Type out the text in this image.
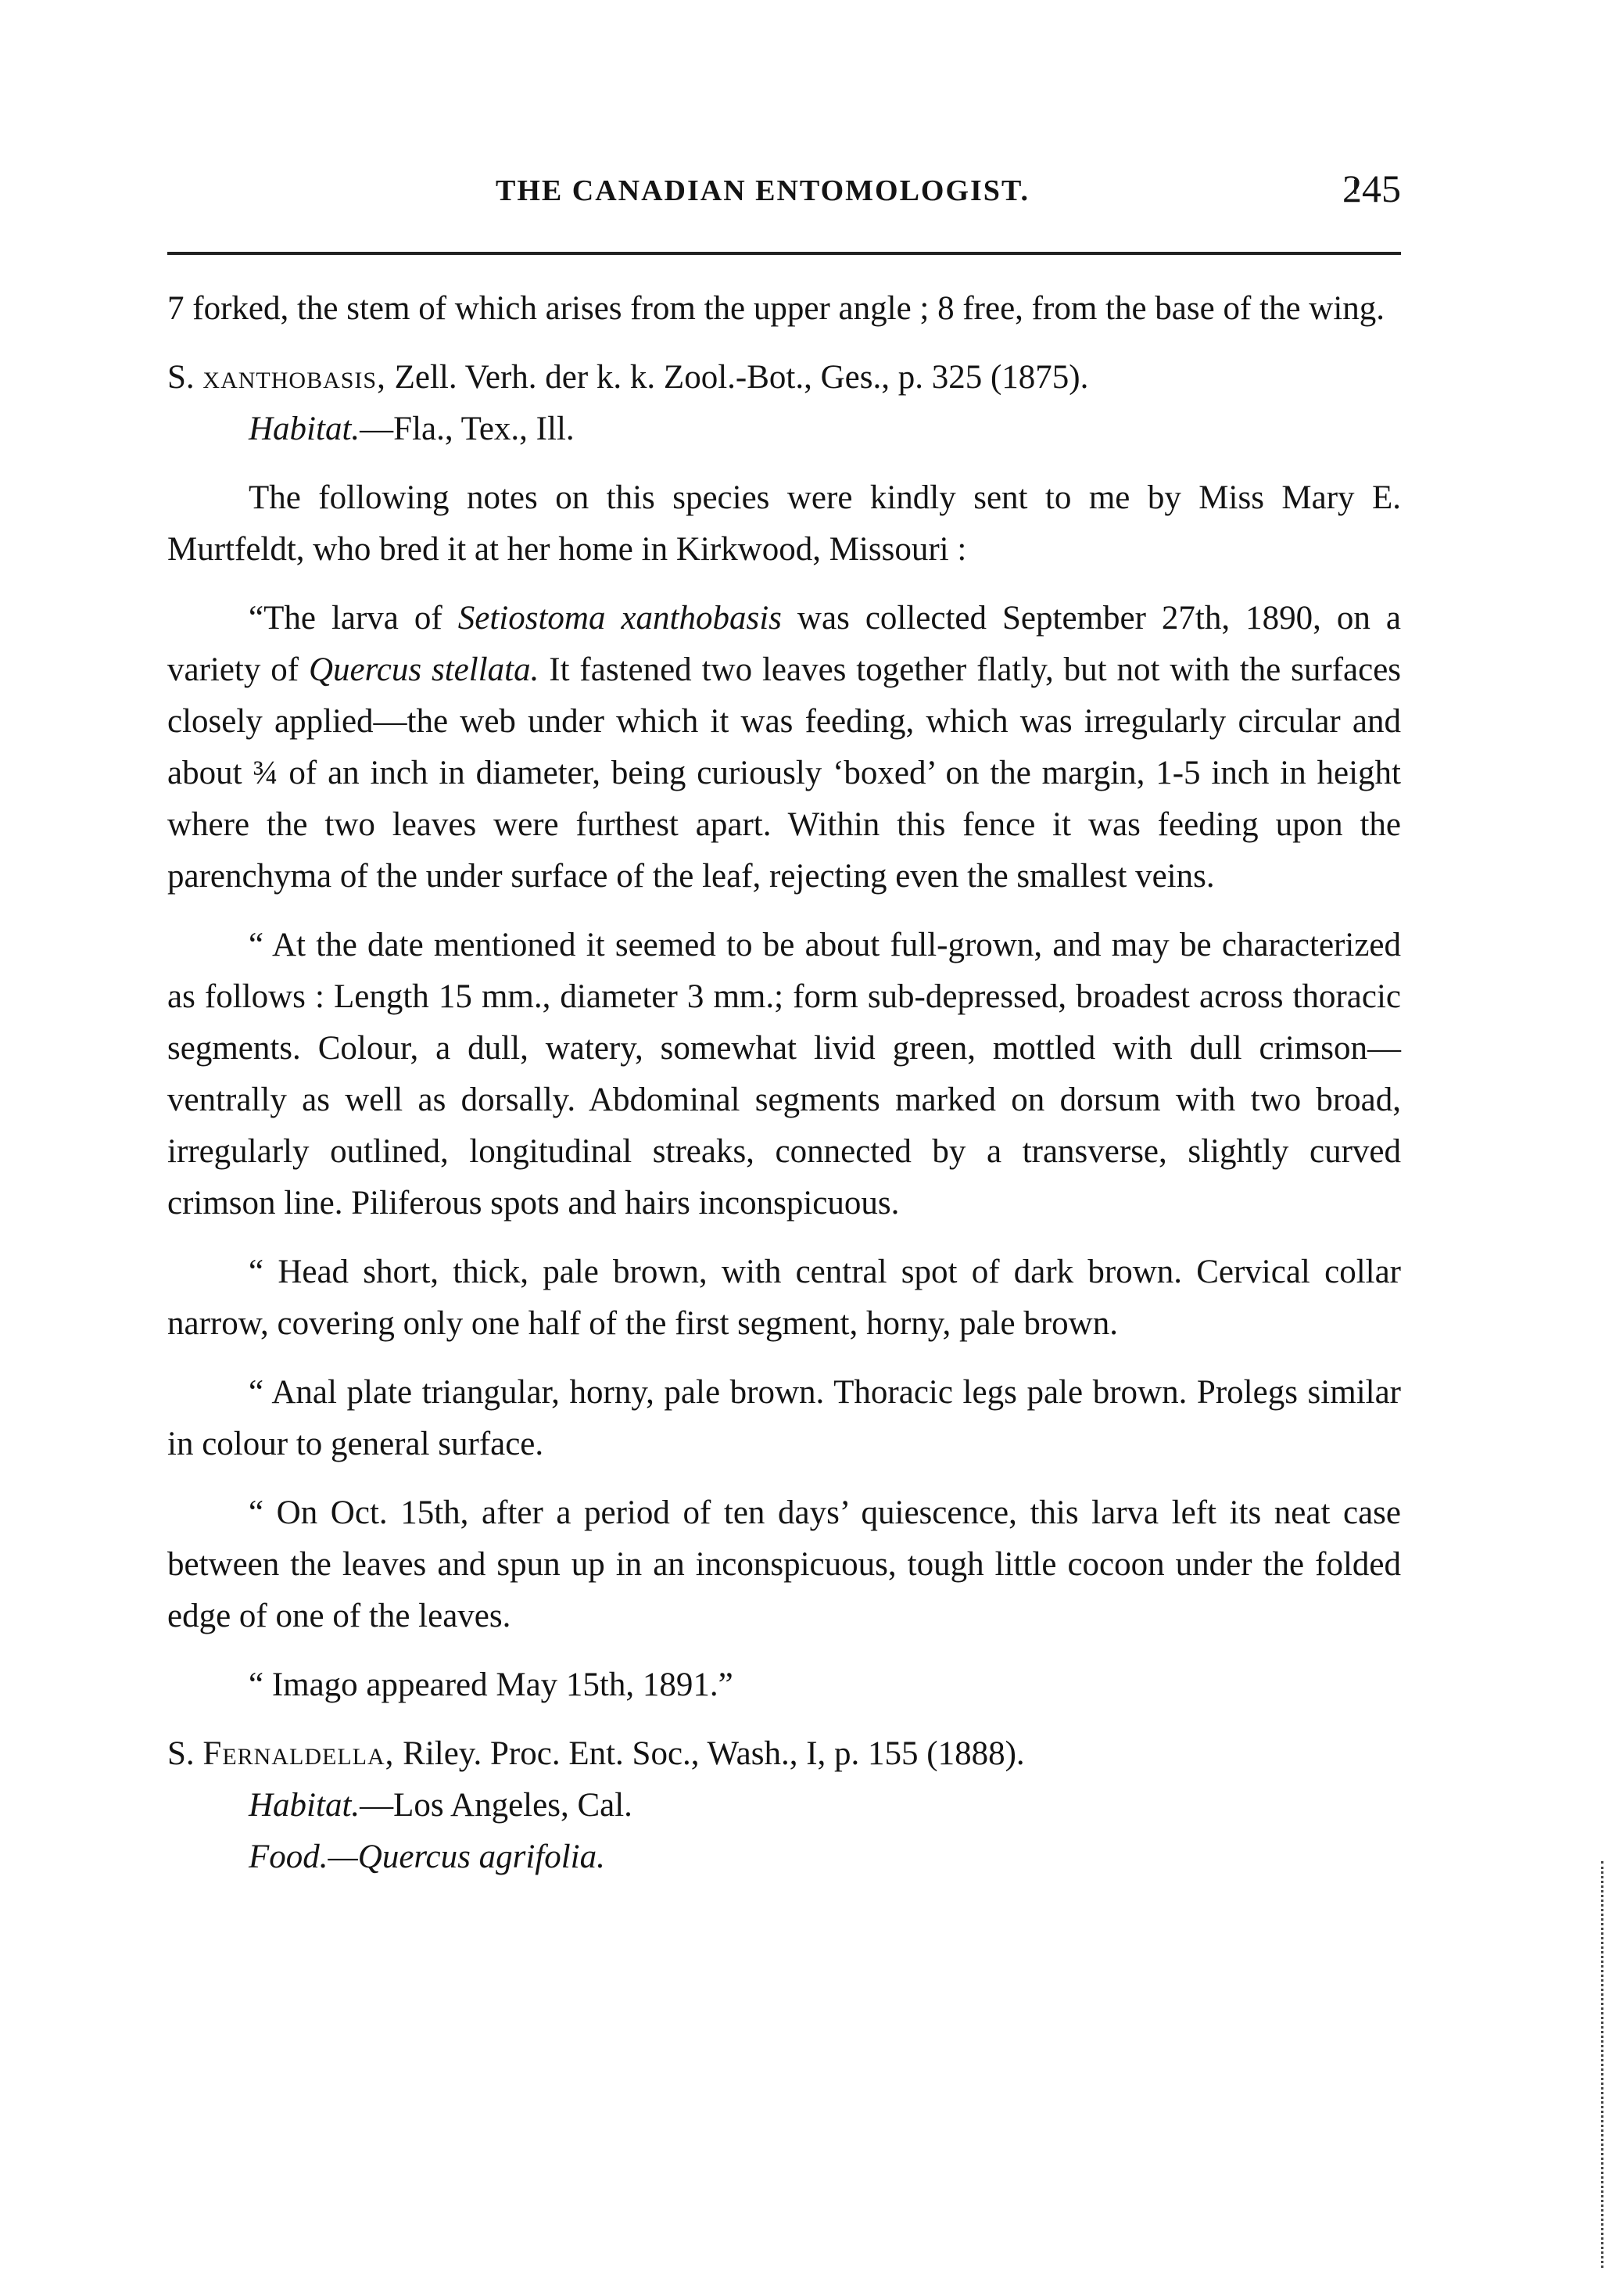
THE CANADIAN ENTOMOLOGIST.	245

7 forked, the stem of which arises from the upper angle ; 8 free, from the base of the wing.

S. xanthobasis, Zell. Verh. der k. k. Zool.-Bot., Ges., p. 325 (1875).

Habitat.—Fla., Tex., Ill.

The following notes on this species were kindly sent to me by Miss Mary E. Murtfeldt, who bred it at her home in Kirkwood, Missouri :

“The larva of Setiostoma xanthobasis was collected September 27th, 1890, on a variety of Quercus stellata. It fastened two leaves together flatly, but not with the surfaces closely applied—the web under which it was feeding, which was irregularly circular and about ¾ of an inch in diameter, being curiously ‘boxed’ on the margin, 1-5 inch in height where the two leaves were furthest apart. Within this fence it was feeding upon the parenchyma of the under surface of the leaf, rejecting even the smallest veins.

“ At the date mentioned it seemed to be about full-grown, and may be characterized as follows : Length 15 mm., diameter 3 mm.; form sub-depressed, broadest across thoracic segments. Colour, a dull, watery, somewhat livid green, mottled with dull crimson—ventrally as well as dorsally. Abdominal segments marked on dorsum with two broad, irregularly outlined, longitudinal streaks, connected by a transverse, slightly curved crimson line. Piliferous spots and hairs inconspicuous.

“ Head short, thick, pale brown, with central spot of dark brown. Cervical collar narrow, covering only one half of the first segment, horny, pale brown.

“ Anal plate triangular, horny, pale brown. Thoracic legs pale brown. Prolegs similar in colour to general surface.

“ On Oct. 15th, after a period of ten days’ quiescence, this larva left its neat case between the leaves and spun up in an inconspicuous, tough little cocoon under the folded edge of one of the leaves.

“ Imago appeared May 15th, 1891.”

S. Fernaldella, Riley. Proc. Ent. Soc., Wash., I, p. 155 (1888).

Habitat.—Los Angeles, Cal.

Food.—Quercus agrifolia.
